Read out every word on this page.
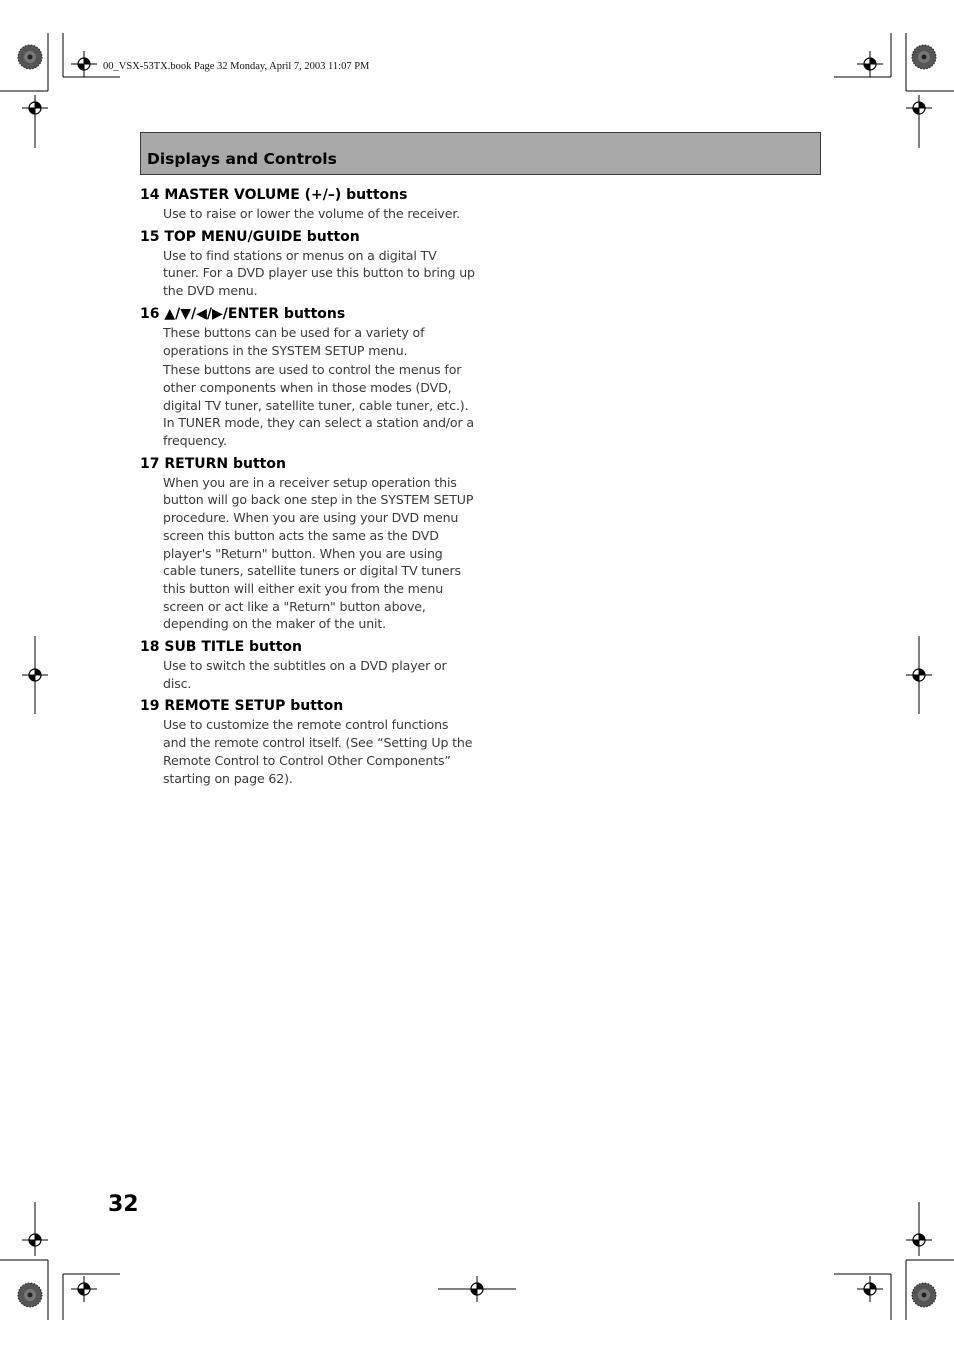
00_VSX-53TX.book Page 32 Monday, April 7, 2003 11:07 PM
Displays and Controls
14 MASTER VOLUME (+/–) buttons
Use to raise or lower the volume of the receiver.
15 TOP MENU/GUIDE button
Use to find stations or menus on a digital TV tuner. For a DVD player use this button to bring up the DVD menu.
16 ▲/▼/◀/▶/ENTER buttons
These buttons can be used for a variety of operations in the SYSTEM SETUP menu.
These buttons are used to control the menus for other components when in those modes (DVD, digital TV tuner, satellite tuner, cable tuner, etc.). In TUNER mode, they can select a station and/or a frequency.
17 RETURN button
When you are in a receiver setup operation this button will go back one step in the SYSTEM SETUP procedure. When you are using your DVD menu screen this button acts the same as the DVD player's "Return" button. When you are using cable tuners, satellite tuners or digital TV tuners this button will either exit you from the menu screen or act like a "Return" button above, depending on the maker of the unit.
18 SUB TITLE button
Use to switch the subtitles on a DVD player or disc.
19 REMOTE SETUP button
Use to customize the remote control functions and the remote control itself. (See “Setting Up the Remote Control to Control Other Components” starting on page 62).
32
